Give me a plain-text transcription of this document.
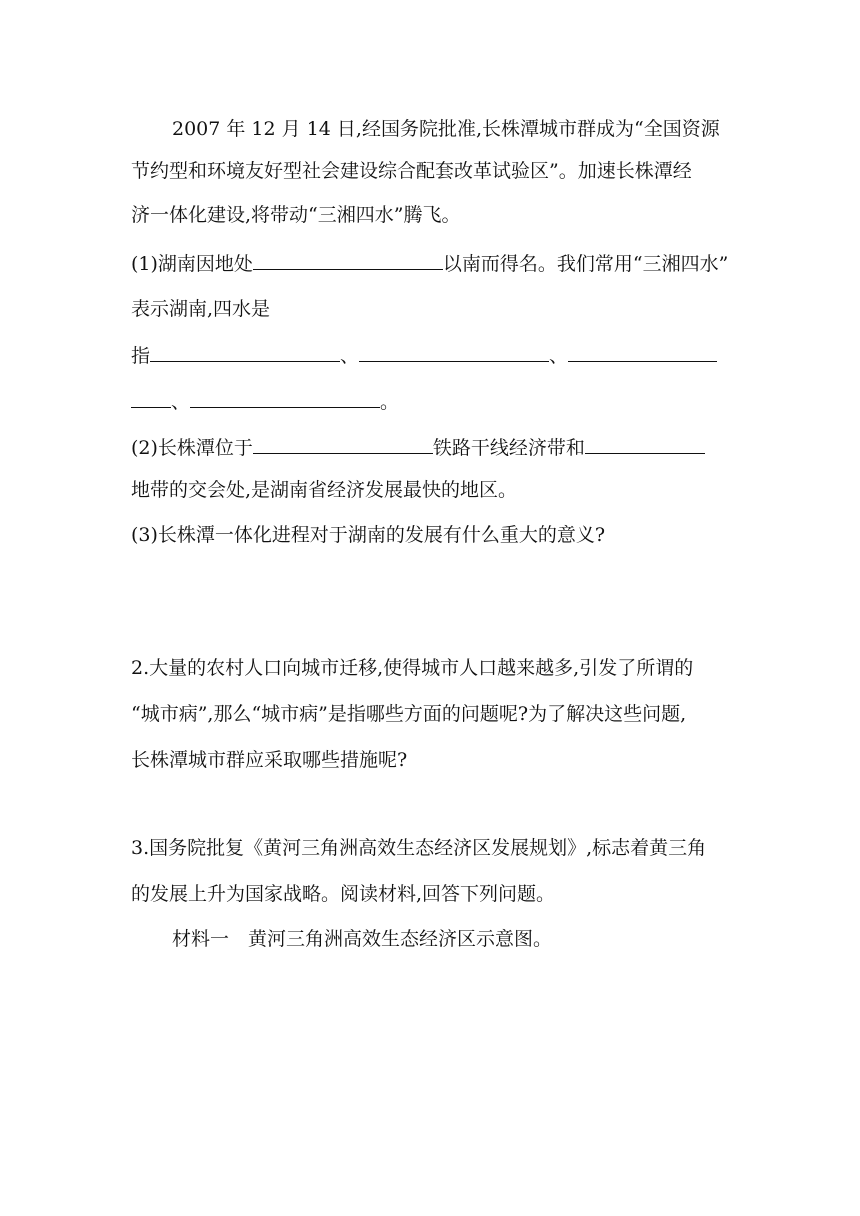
2007 年 12 月 14 日,经国务院批准,长株潭城市群成为“全国资源
节约型和环境友好型社会建设综合配套改革试验区”。加速长株潭经
济一体化建设,将带动“三湘四水”腾飞。
(1)湖南因地处	以南而得名。我们常用“三湘四水”
表示湖南,四水是
指	、	、
、	。
(2)长株潭位于	铁路干线经济带和
地带的交会处,是湖南省经济发展最快的地区。
(3)长株潭一体化进程对于湖南的发展有什么重大的意义?
2.大量的农村人口向城市迁移,使得城市人口越来越多,引发了所谓的
“城市病”,那么“城市病”是指哪些方面的问题呢?为了解决这些问题,
长株潭城市群应采取哪些措施呢?
3.国务院批复《黄河三角洲高效生态经济区发展规划》,标志着黄三角
的发展上升为国家战略。阅读材料,回答下列问题。
材料一　黄河三角洲高效生态经济区示意图。
